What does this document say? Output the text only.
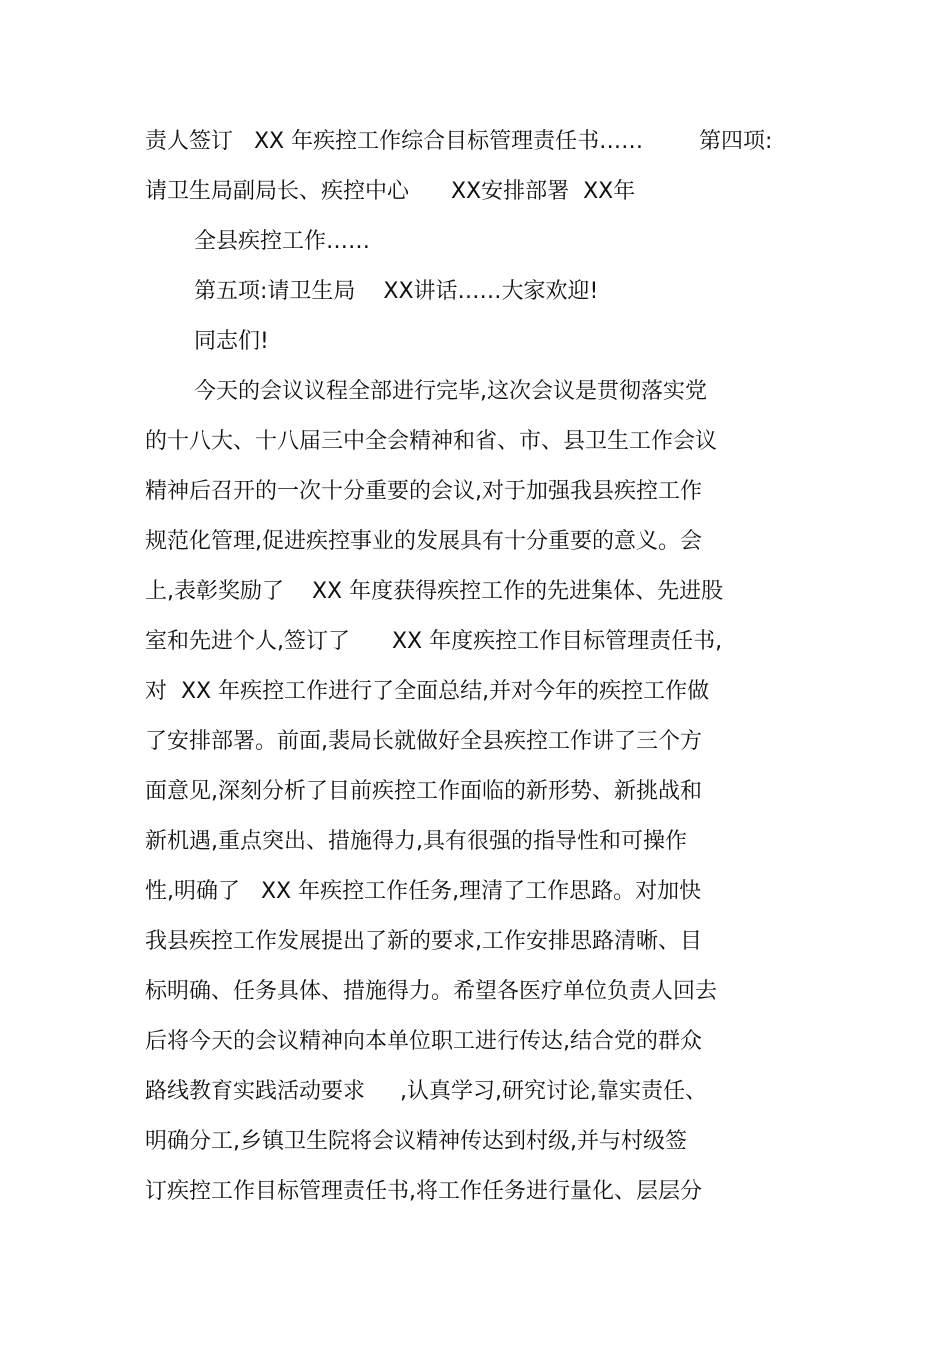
责人签订   XX 年疾控工作综合目标管理责任书……        第四项:
请卫生局副局长、疾控中心      XX安排部署  XX年
全县疾控工作……
第五项:请卫生局    XX讲话……大家欢迎!
同志们!
今天的会议议程全部进行完毕,这次会议是贯彻落实党
的十八大、十八届三中全会精神和省、市、县卫生工作会议
精神后召开的一次十分重要的会议,对于加强我县疾控工作
规范化管理,促进疾控事业的发展具有十分重要的意义。会
上,表彰奖励了    XX 年度获得疾控工作的先进集体、先进股
室和先进个人,签订了      XX 年度疾控工作目标管理责任书,
对  XX 年疾控工作进行了全面总结,并对今年的疾控工作做
了安排部署。前面,裴局长就做好全县疾控工作讲了三个方
面意见,深刻分析了目前疾控工作面临的新形势、新挑战和
新机遇,重点突出、措施得力,具有很强的指导性和可操作
性,明确了   XX 年疾控工作任务,理清了工作思路。对加快
我县疾控工作发展提出了新的要求,工作安排思路清晰、目
标明确、任务具体、措施得力。希望各医疗单位负责人回去
后将今天的会议精神向本单位职工进行传达,结合党的群众
路线教育实践活动要求     ,认真学习,研究讨论,靠实责任、
明确分工,乡镇卫生院将会议精神传达到村级,并与村级签
订疾控工作目标管理责任书,将工作任务进行量化、层层分
